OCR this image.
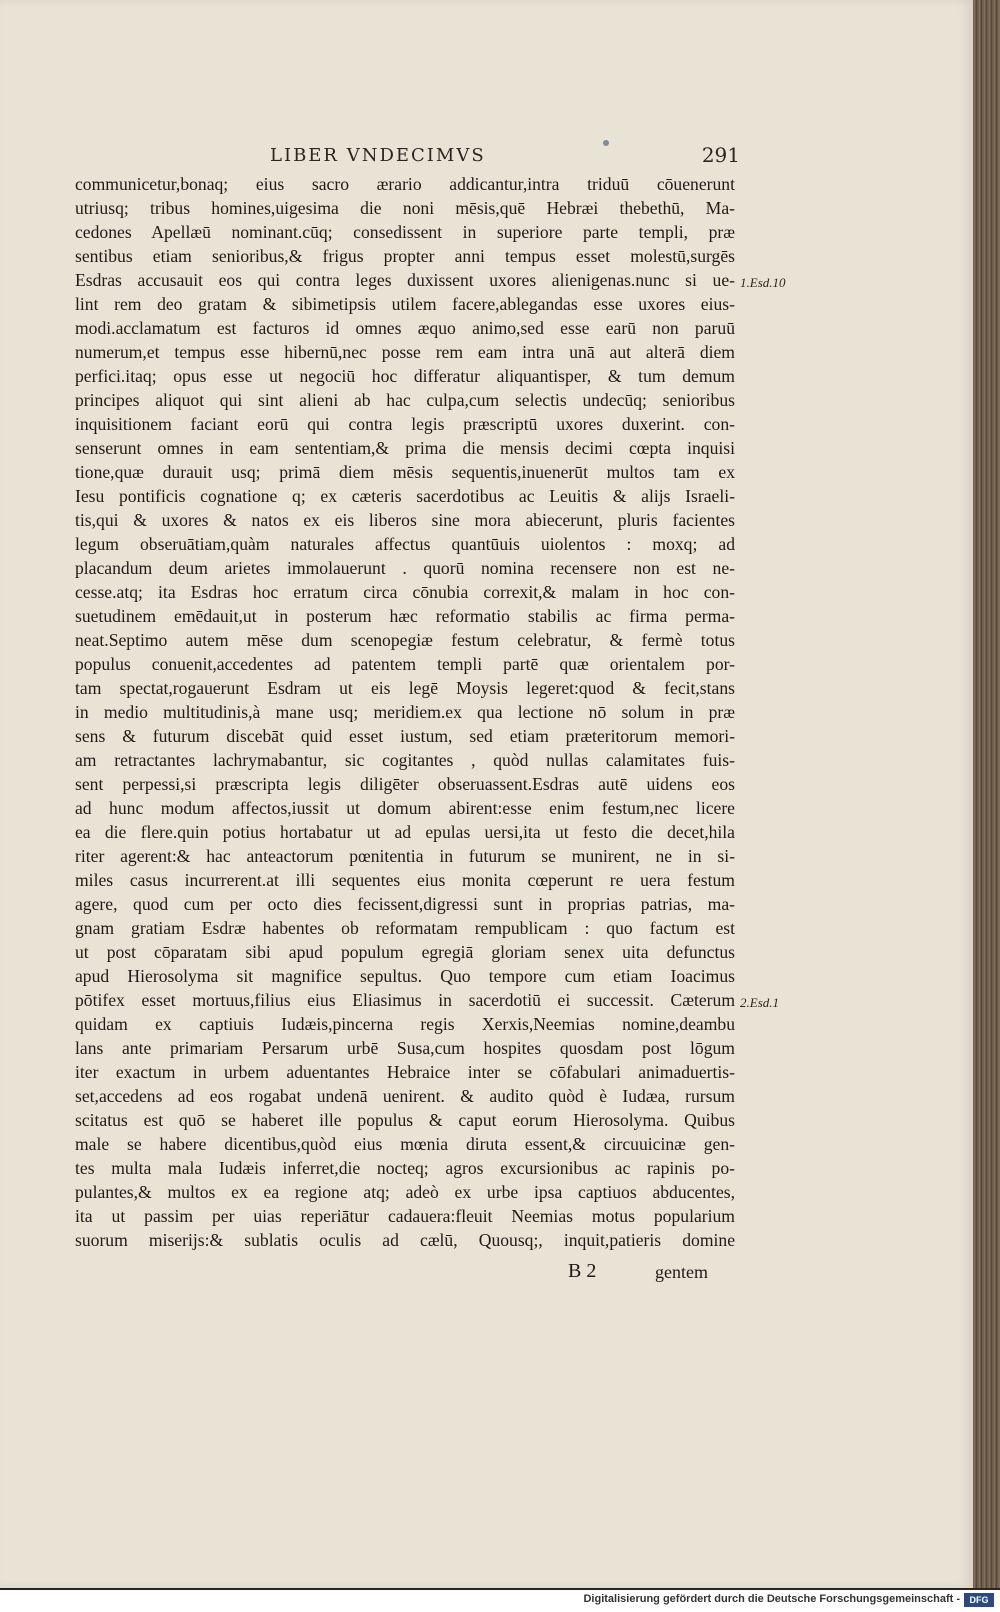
LIBER VNDECIMVS	291
communicetur,bonaq; eius sacro ærario addicantur,intra triduū cōuenerunt
utriusq; tribus homines,uigesima die noni mēsis,quē Hebræi thebethū, Ma-
cedones Apellæū nominant.cūq; consedissent in superiore parte templi, præ
sentibus etiam senioribus,& frigus propter anni tempus esset molestū,surgēs
Esdras accusauit eos qui contra leges duxissent uxores alienigenas.nunc si ue-
lint rem deo gratam & sibimetipsis utilem facere,ablegandas esse uxores eius-
modi.acclamatum est facturos id omnes æquo animo,sed esse earū non paruū
numerum,et tempus esse hibernū,nec posse rem eam intra unā aut alterā diem
perfici.itaq; opus esse ut negociū hoc differatur aliquantisper, & tum demum
principes aliquot qui sint alieni ab hac culpa,cum selectis undecūq; senioribus
inquisitionem faciant eorū qui contra legis præscriptū uxores duxerint. con-
senserunt omnes in eam sententiam,& prima die mensis decimi cœpta inquisi
tione,quæ durauit usq; primā diem mēsis sequentis,inuenerūt multos tam ex
Iesu pontificis cognatione q; ex cæteris sacerdotibus ac Leuitis & alijs Israeli-
tis,qui & uxores & natos ex eis liberos sine mora abiecerunt, pluris facientes
legum obseruātiam,quàm naturales affectus quantūuis uiolentos : moxq; ad
placandum deum arietes immolauerunt . quorū nomina recensere non est ne-
cesse.atq; ita Esdras hoc erratum circa cōnubia correxit,& malam in hoc con-
suetudinem emēdauit,ut in posterum hæc reformatio stabilis ac firma perma-
neat.Septimo autem mēse dum scenopegiæ festum celebratur, & fermè totus
populus conuenit,accedentes ad patentem templi partē quæ orientalem por-
tam spectat,rogauerunt Esdram ut eis legē Moysis legeret:quod & fecit,stans
in medio multitudinis,à mane usq; meridiem.ex qua lectione nō solum in præ
sens & futurum discebāt quid esset iustum, sed etiam præteritorum memori-
am retractantes lachrymabantur, sic cogitantes , quòd nullas calamitates fuis-
sent perpessi,si præscripta legis diligēter obseruassent.Esdras autē uidens eos
ad hunc modum affectos,iussit ut domum abirent:esse enim festum,nec licere
ea die flere.quin potius hortabatur ut ad epulas uersi,ita ut festo die decet,hila
riter agerent:& hac anteactorum pœnitentia in futurum se munirent, ne in si-
miles casus incurrerent.at illi sequentes eius monita cœperunt re uera festum
agere, quod cum per octo dies fecissent,digressi sunt in proprias patrias, ma-
gnam gratiam Esdræ habentes ob reformatam rempublicam : quo factum est
ut post cōparatam sibi apud populum egregiā gloriam senex uita defunctus
apud Hierosolyma sit magnifice sepultus. Quo tempore cum etiam Ioacimus
pōtifex esset mortuus,filius eius Eliasimus in sacerdotiū ei successit. Cæterum
quidam ex captiuis Iudæis,pincerna regis Xerxis,Neemias nomine,deambu
lans ante primariam Persarum urbē Susa,cum hospites quosdam post lōgum
iter exactum in urbem aduentantes Hebraice inter se cōfabulari animaduertis-
set,accedens ad eos rogabat undenā uenirent. & audito quòd è Iudæa, rursum
scitatus est quō se haberet ille populus & caput eorum Hierosolyma. Quibus
male se habere dicentibus,quòd eius mœnia diruta essent,& circuuicinæ gen-
tes multa mala Iudæis inferret,die nocteq; agros excursionibus ac rapinis po-
pulantes,& multos ex ea regione atq; adeò ex urbe ipsa captiuos abducentes,
ita ut passim per uias reperiātur cadauera:fleuit Neemias motus popularium
suorum miserijs:& sublatis oculis ad cælū, Quousq;, inquit,patieris domine
1.Esd.10
2.Esd.1
B 2	gentem
Digitalisierung gefördert durch die Deutsche Forschungsgemeinschaft -	DFG
